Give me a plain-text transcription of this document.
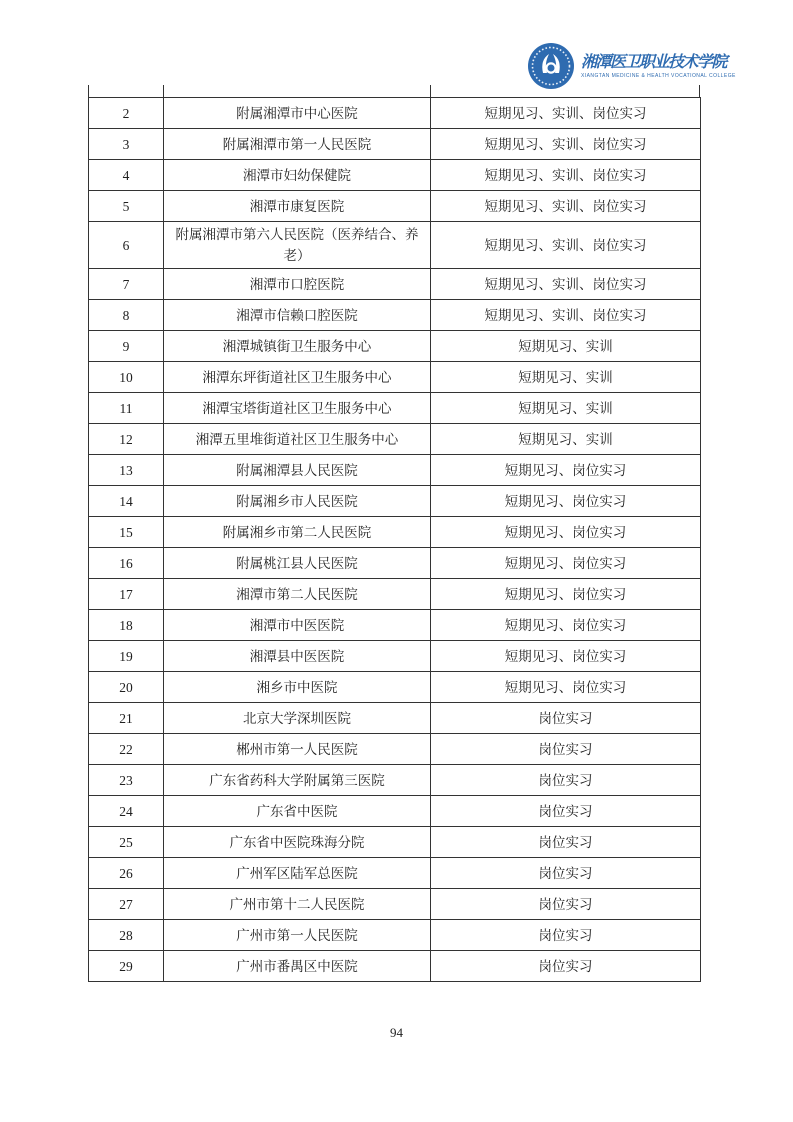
湘潭医卫职业技术学院
XIANGTAN MEDICINE & HEALTH VOCATIONAL COLLEGE
2	附属湘潭市中心医院	短期见习、实训、岗位实习
3	附属湘潭市第一人民医院	短期见习、实训、岗位实习
4	湘潭市妇幼保健院	短期见习、实训、岗位实习
5	湘潭市康复医院	短期见习、实训、岗位实习
6	附属湘潭市第六人民医院（医养结合、养老）	短期见习、实训、岗位实习
7	湘潭市口腔医院	短期见习、实训、岗位实习
8	湘潭市信赖口腔医院	短期见习、实训、岗位实习
9	湘潭城镇街卫生服务中心	短期见习、实训
10	湘潭东坪街道社区卫生服务中心	短期见习、实训
11	湘潭宝塔街道社区卫生服务中心	短期见习、实训
12	湘潭五里堆街道社区卫生服务中心	短期见习、实训
13	附属湘潭县人民医院	短期见习、岗位实习
14	附属湘乡市人民医院	短期见习、岗位实习
15	附属湘乡市第二人民医院	短期见习、岗位实习
16	附属桃江县人民医院	短期见习、岗位实习
17	湘潭市第二人民医院	短期见习、岗位实习
18	湘潭市中医医院	短期见习、岗位实习
19	湘潭县中医医院	短期见习、岗位实习
20	湘乡市中医院	短期见习、岗位实习
21	北京大学深圳医院	岗位实习
22	郴州市第一人民医院	岗位实习
23	广东省药科大学附属第三医院	岗位实习
24	广东省中医院	岗位实习
25	广东省中医院珠海分院	岗位实习
26	广州军区陆军总医院	岗位实习
27	广州市第十二人民医院	岗位实习
28	广州市第一人民医院	岗位实习
29	广州市番禺区中医院	岗位实习
94
